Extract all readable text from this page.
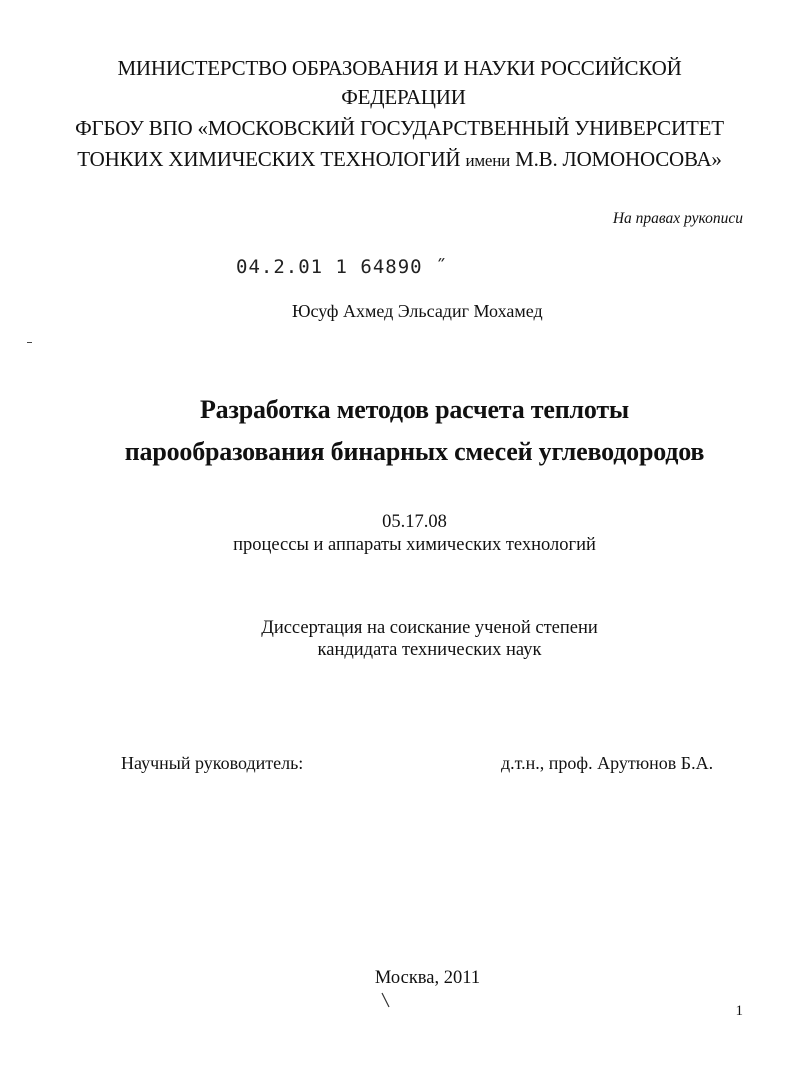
МИНИСТЕРСТВО ОБРАЗОВАНИЯ И НАУКИ РОССИЙСКОЙ
ФЕДЕРАЦИИ
ФГБОУ ВПО «МОСКОВСКИЙ ГОСУДАРСТВЕННЫЙ УНИВЕРСИТЕТ
ТОНКИХ ХИМИЧЕСКИХ ТЕХНОЛОГИЙ имени М.В. ЛОМОНОСОВА»
На правах рукописи
04.2.01 1 64890 ˝
Юсуф Ахмед Эльсадиг Мохамед
Разработка методов расчета теплоты
парообразования бинарных смесей углеводородов
05.17.08
процессы и аппараты химических технологий
Диссертация на соискание ученой степени
кандидата технических наук
Научный руководитель:	д.т.н., проф. Арутюнов Б.А.
Москва, 2011
1
